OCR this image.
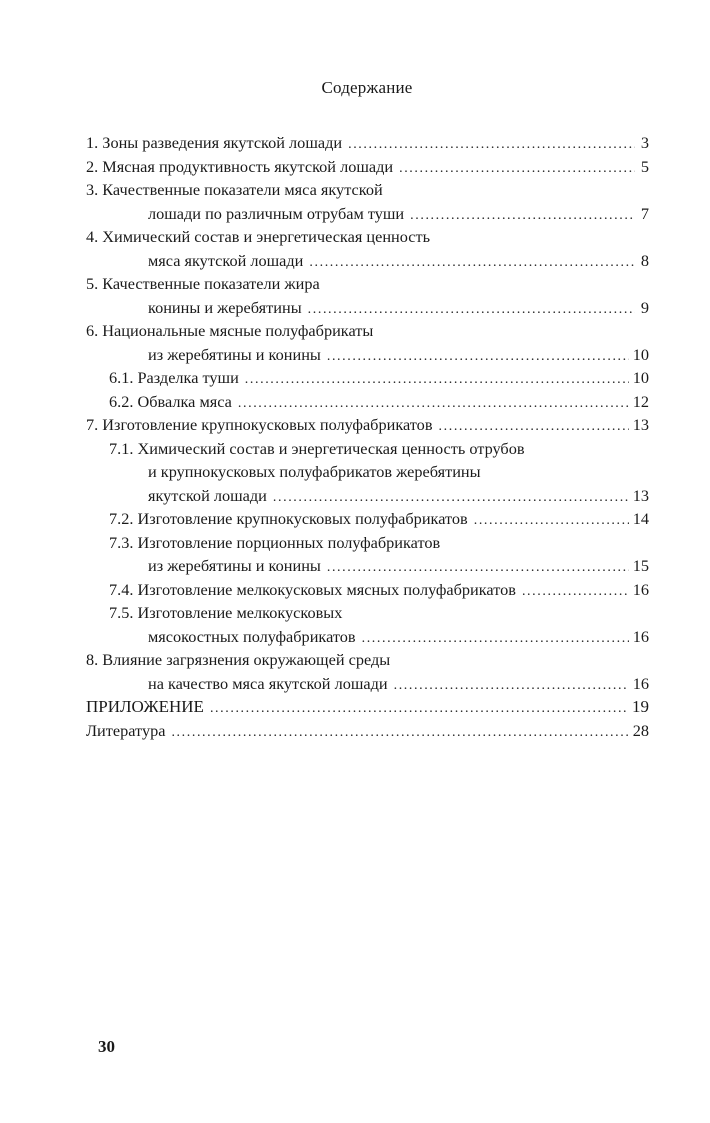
Содержание
1. Зоны разведения якутской лошади .....	3
2. Мясная продуктивность якутской лошади .....	5
3. Качественные показатели мяса якутской
лошади по различным отрубам туши .....	7
4. Химический состав и энергетическая ценность
мяса якутской лошади .....	8
5. Качественные показатели жира
конины и жеребятины .....	9
6. Национальные мясные полуфабрикаты
из жеребятины и конины .....	10
6.1. Разделка туши .....	10
6.2. Обвалка мяса .....	12
7. Изготовление крупнокусковых полуфабрикатов .....	13
7.1. Химический состав и энергетическая ценность отрубов
и крупнокусковых полуфабрикатов жеребятины
якутской лошади .....	13
7.2. Изготовление крупнокусковых полуфабрикатов .....	14
7.3. Изготовление порционных полуфабрикатов
из жеребятины и конины .....	15
7.4. Изготовление мелкокусковых мясных полуфабрикатов .....	16
7.5. Изготовление мелкокусковых
мясокостных полуфабрикатов .....	16
8. Влияние загрязнения окружающей среды
на качество мяса якутской лошади .....	16
ПРИЛОЖЕНИЕ .....	19
Литература .....	28
30
